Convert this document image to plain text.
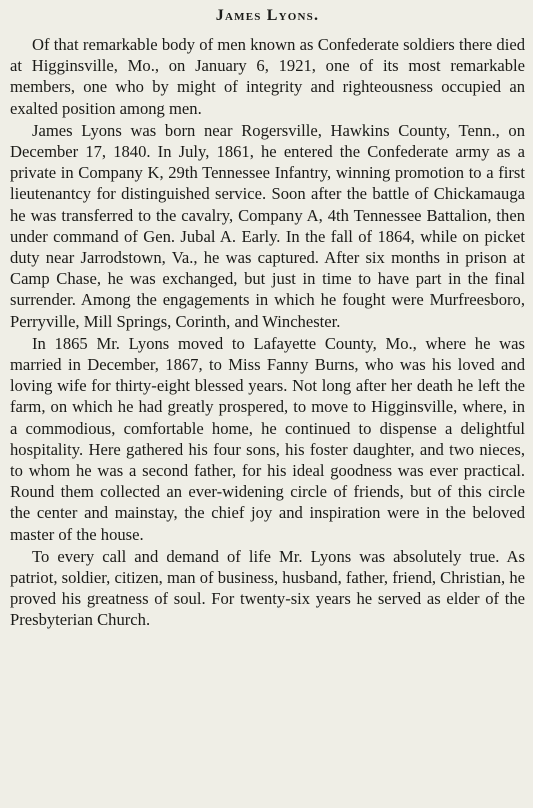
James Lyons.

Of that remarkable body of men known as Confederate soldiers there died at Higginsville, Mo., on January 6, 1921, one of its most remarkable members, one who by might of integrity and righteousness occupied an exalted position among men.

James Lyons was born near Rogersville, Hawkins County, Tenn., on December 17, 1840. In July, 1861, he entered the Confederate army as a private in Company K, 29th Tennessee Infantry, winning promotion to a first lieutenantcy for distinguished service. Soon after the battle of Chickamauga he was transferred to the cavalry, Company A, 4th Tennessee Battalion, then under command of Gen. Jubal A. Early. In the fall of 1864, while on picket duty near Jarrodstown, Va., he was captured. After six months in prison at Camp Chase, he was exchanged, but just in time to have part in the final surrender. Among the engagements in which he fought were Murfreesboro, Perryville, Mill Springs, Corinth, and Winchester.

In 1865 Mr. Lyons moved to Lafayette County, Mo., where he was married in December, 1867, to Miss Fanny Burns, who was his loved and loving wife for thirty-eight blessed years. Not long after her death he left the farm, on which he had greatly prospered, to move to Higginsville, where, in a commodious, comfortable home, he continued to dispense a delightful hospitality. Here gathered his four sons, his foster daughter, and two nieces, to whom he was a second father, for his ideal goodness was ever practical. Round them collected an ever-widening circle of friends, but of this circle the center and mainstay, the chief joy and inspiration were in the beloved master of the house.

To every call and demand of life Mr. Lyons was absolutely true. As patriot, soldier, citizen, man of business, husband, father, friend, Christian, he proved his greatness of soul. For twenty-six years he served as elder of the Presbyterian Church.
